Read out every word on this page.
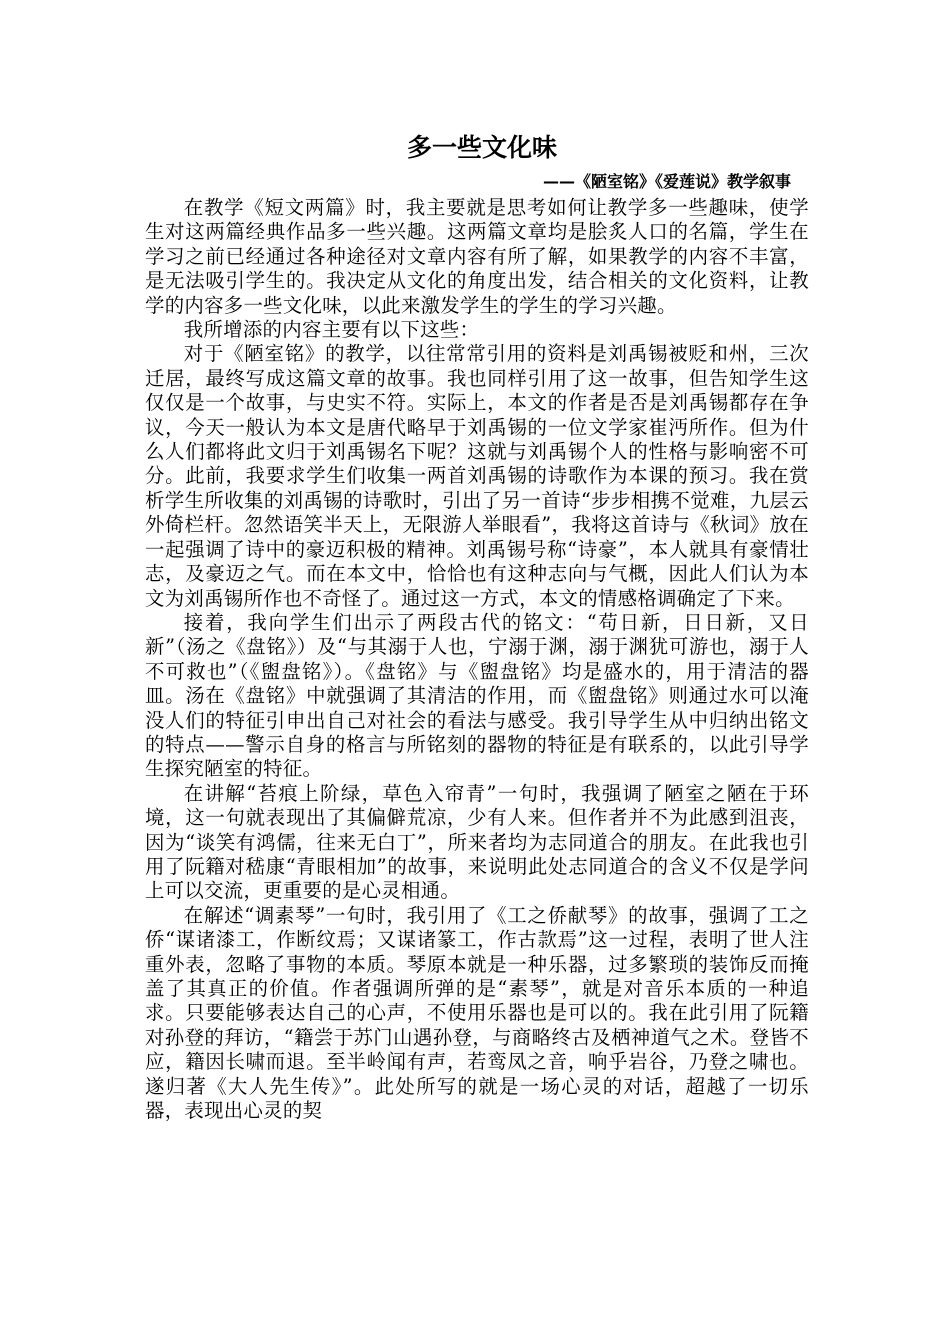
多一些文化味
——《陋室铭》《爱莲说》教学叙事

在教学《短文两篇》时，我主要就是思考如何让教学多一些趣味，使学生对这两篇经典作品多一些兴趣。这两篇文章均是脍炙人口的名篇，学生在学习之前已经通过各种途径对文章内容有所了解，如果教学的内容不丰富，是无法吸引学生的。我决定从文化的角度出发，结合相关的文化资料，让教学的内容多一些文化味，以此来激发学生的学生的学习兴趣。

我所增添的内容主要有以下这些：

对于《陋室铭》的教学，以往常常引用的资料是刘禹锡被贬和州，三次迁居，最终写成这篇文章的故事。我也同样引用了这一故事，但告知学生这仅仅是一个故事，与史实不符。实际上，本文的作者是否是刘禹锡都存在争议，今天一般认为本文是唐代略早于刘禹锡的一位文学家崔沔所作。但为什么人们都将此文归于刘禹锡名下呢？这就与刘禹锡个人的性格与影响密不可分。此前，我要求学生们收集一两首刘禹锡的诗歌作为本课的预习。我在赏析学生所收集的刘禹锡的诗歌时，引出了另一首诗“步步相携不觉难，九层云外倚栏杆。忽然语笑半天上，无限游人举眼看”，我将这首诗与《秋词》放在一起强调了诗中的豪迈积极的精神。刘禹锡号称“诗豪”，本人就具有豪情壮志，及豪迈之气。而在本文中，恰恰也有这种志向与气概，因此人们认为本文为刘禹锡所作也不奇怪了。通过这一方式，本文的情感格调确定了下来。

接着，我向学生们出示了两段古代的铭文：“苟日新，日日新，又日新”（汤之《盘铭》）及“与其溺于人也，宁溺于渊，溺于渊犹可游也，溺于人不可救也”（《盥盘铭》）。《盘铭》与《盥盘铭》均是盛水的，用于清洁的器皿。汤在《盘铭》中就强调了其清洁的作用，而《盥盘铭》则通过水可以淹没人们的特征引申出自己对社会的看法与感受。我引导学生从中归纳出铭文的特点——警示自身的格言与所铭刻的器物的特征是有联系的，以此引导学生探究陋室的特征。

在讲解“苔痕上阶绿，草色入帘青”一句时，我强调了陋室之陋在于环境，这一句就表现出了其偏僻荒凉，少有人来。但作者并不为此感到沮丧，因为“谈笑有鸿儒，往来无白丁”，所来者均为志同道合的朋友。在此我也引用了阮籍对嵇康“青眼相加”的故事，来说明此处志同道合的含义不仅是学问上可以交流，更重要的是心灵相通。

在解述“调素琴”一句时，我引用了《工之侨献琴》的故事，强调了工之侨“谋诸漆工，作断纹焉；又谋诸篆工，作古款焉”这一过程，表明了世人注重外表，忽略了事物的本质。琴原本就是一种乐器，过多繁琐的装饰反而掩盖了其真正的价值。作者强调所弹的是“素琴”，就是对音乐本质的一种追求。只要能够表达自己的心声，不使用乐器也是可以的。我在此引用了阮籍对孙登的拜访，“籍尝于苏门山遇孙登，与商略终古及栖神道气之术。登皆不应，籍因长啸而退。至半岭闻有声，若鸾凤之音，响乎岩谷，乃登之啸也。遂归著《大人先生传》”。此处所写的就是一场心灵的对话，超越了一切乐器，表现出心灵的契
